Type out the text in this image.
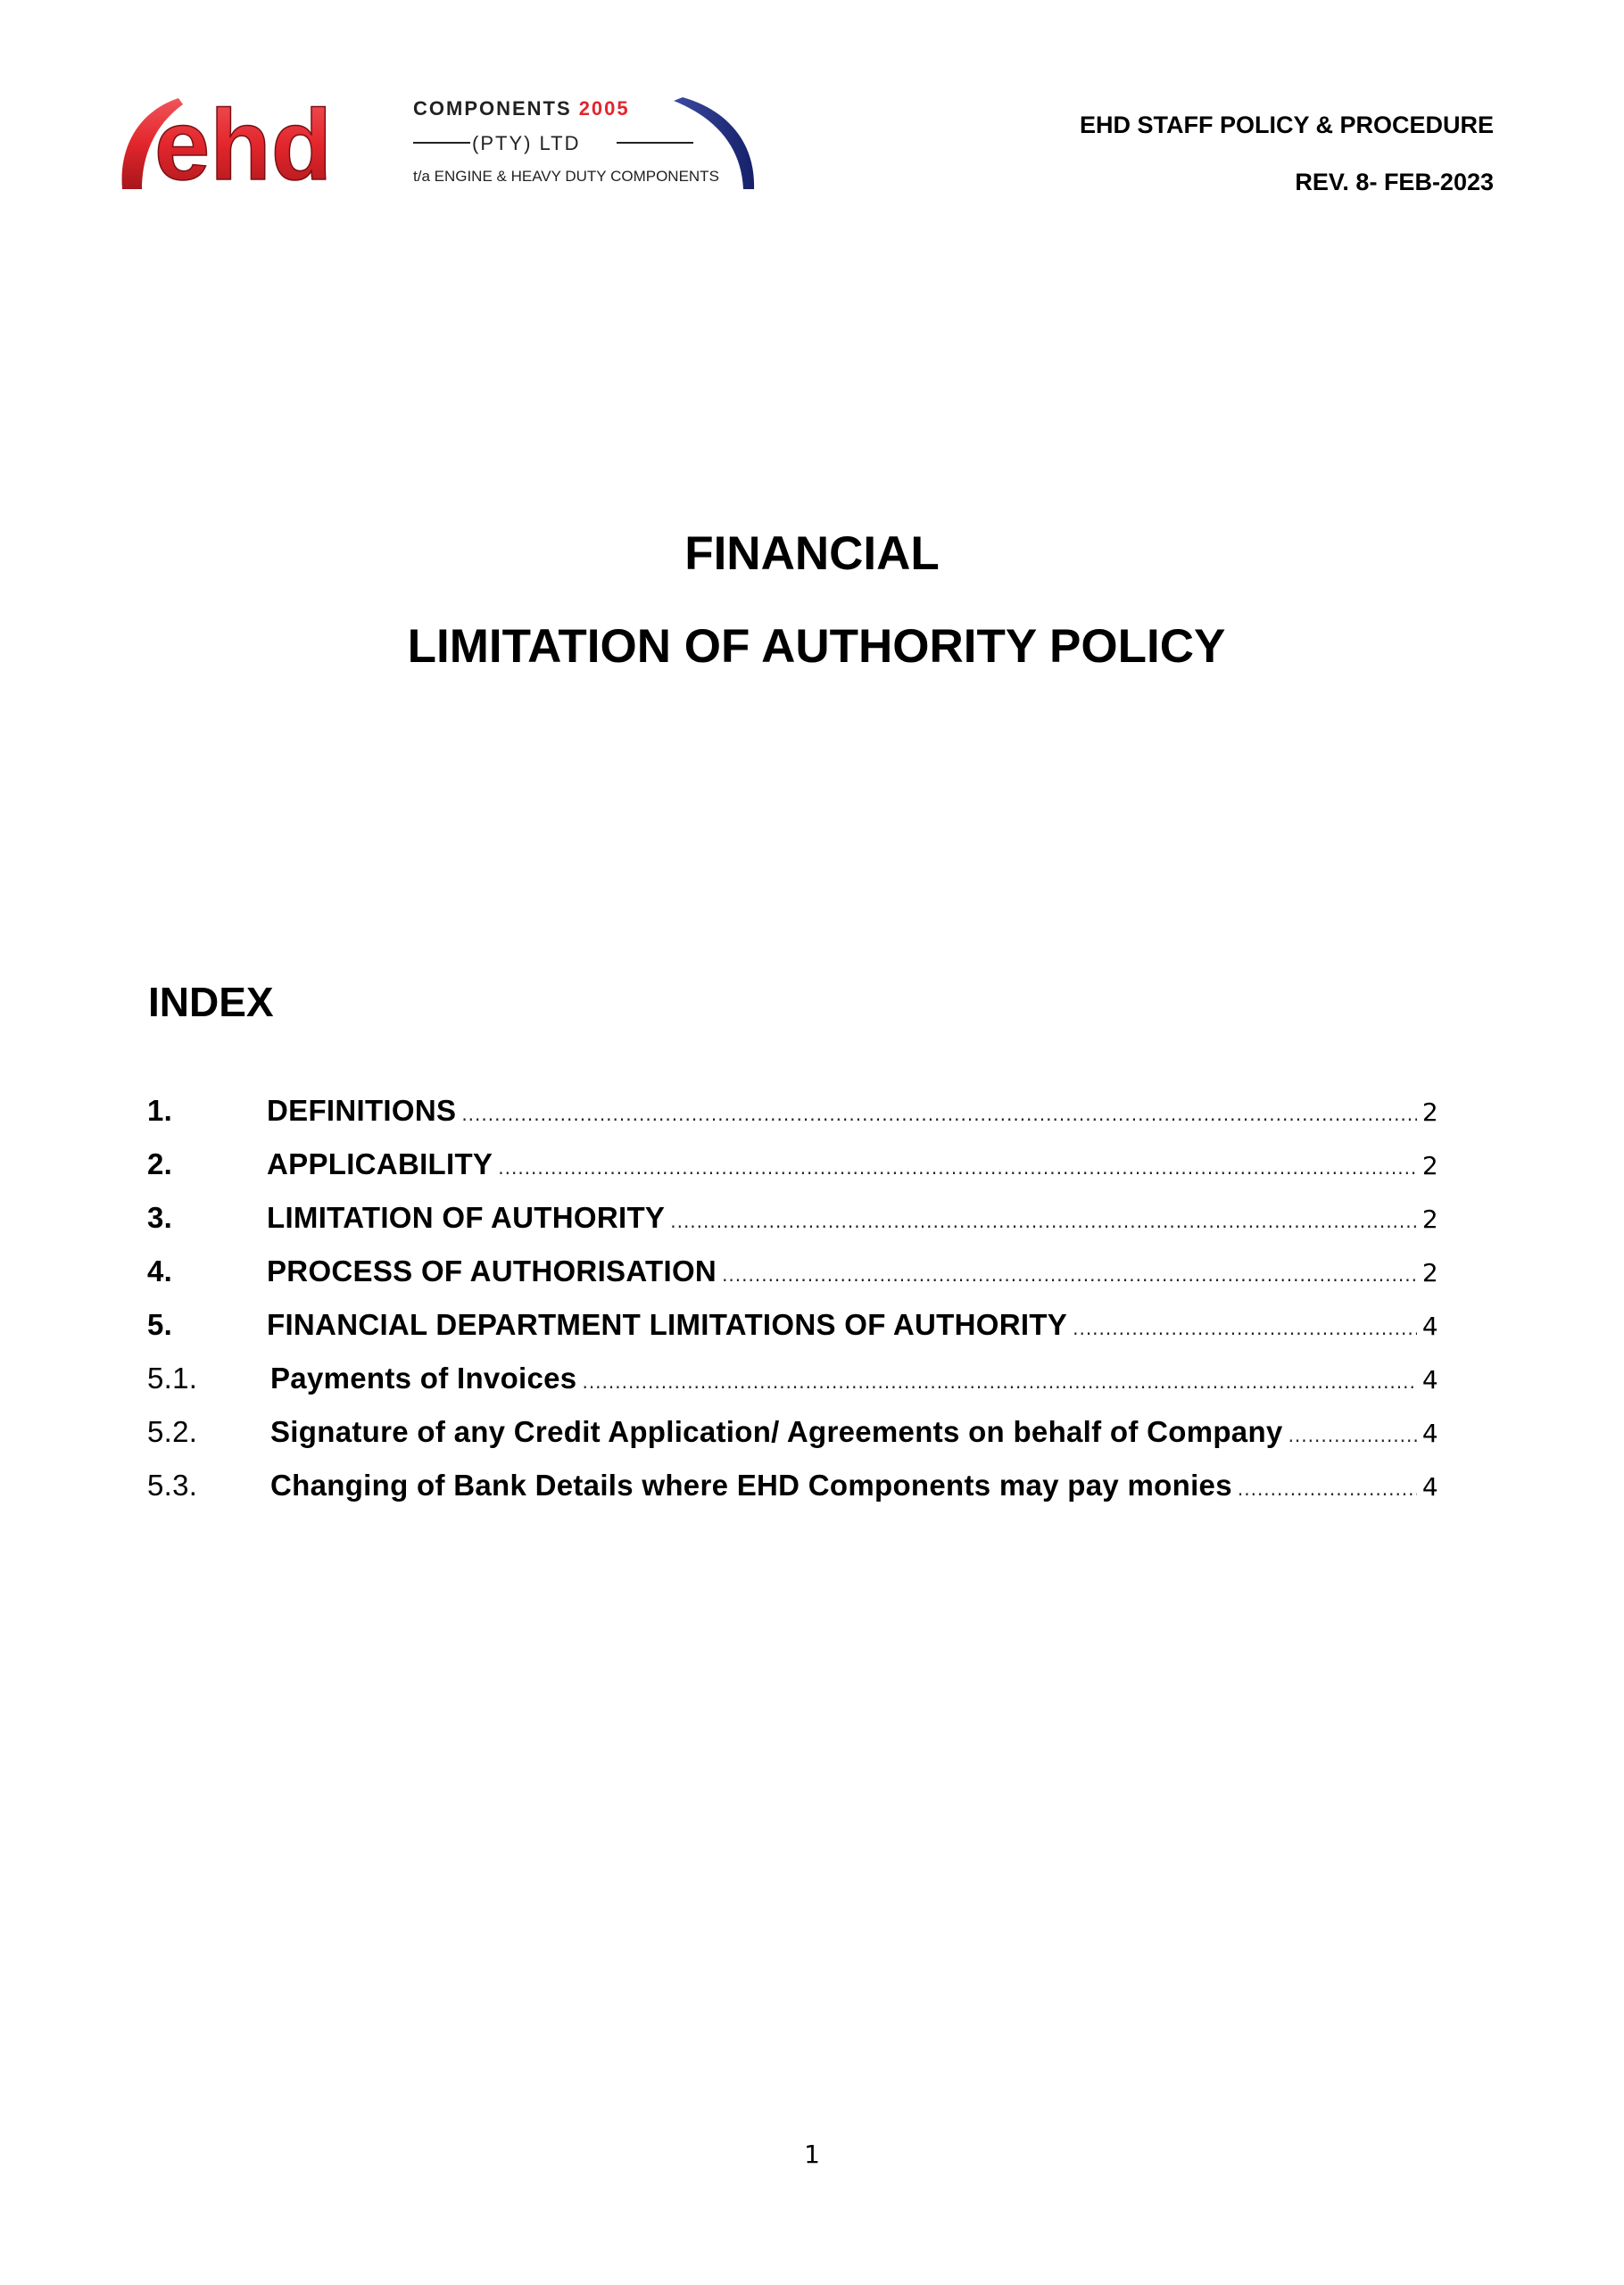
ehd	COMPONENTS 2005
(PTY) LTD
t/a ENGINE & HEAVY DUTY COMPONENTS
EHD STAFF POLICY & PROCEDURE
REV. 8- FEB-2023
FINANCIAL
LIMITATION OF AUTHORITY POLICY
INDEX
1.	DEFINITIONS .....	2
2.	APPLICABILITY .....	2
3.	LIMITATION OF AUTHORITY .....	2
4.	PROCESS OF AUTHORISATION .....	2
5.	FINANCIAL DEPARTMENT LIMITATIONS OF AUTHORITY .....	4
5.1.	Payments of Invoices .....	4
5.2.	Signature of any Credit Application/ Agreements on behalf of Company .....	4
5.3.	Changing of Bank Details where EHD Components may pay monies .....	4
1
